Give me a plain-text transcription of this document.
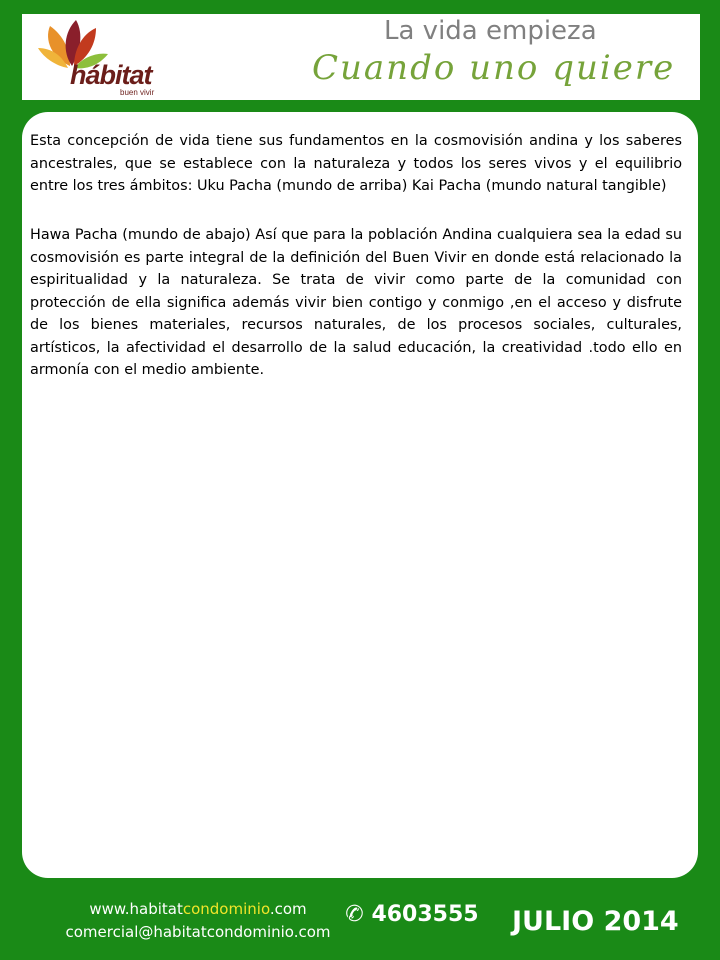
hábitat
buen vivir
La vida empieza
Cuando uno quiere

Esta concepción de vida tiene sus fundamentos en la cosmovisión andina y los saberes ancestrales, que se establece con la naturaleza y todos los seres vivos y el equilibrio entre los tres ámbitos: Uku Pacha (mundo de arriba) Kai Pacha (mundo natural tangible)

Hawa Pacha (mundo de abajo) Así que para la población Andina cualquiera sea la edad su cosmovisión es parte integral de la definición del Buen Vivir en donde está relacionado la espiritualidad y la naturaleza. Se trata de vivir como parte de la comunidad con protección de ella significa además vivir bien contigo y conmigo ,en el acceso y disfrute de los bienes materiales, recursos naturales, de los procesos sociales, culturales, artísticos, la afectividad el desarrollo de la salud educación, la creatividad .todo ello en armonía con el medio ambiente.

www.habitatcondominio.com
comercial@habitatcondominio.com
✆ 4603555 JULIO 2014
